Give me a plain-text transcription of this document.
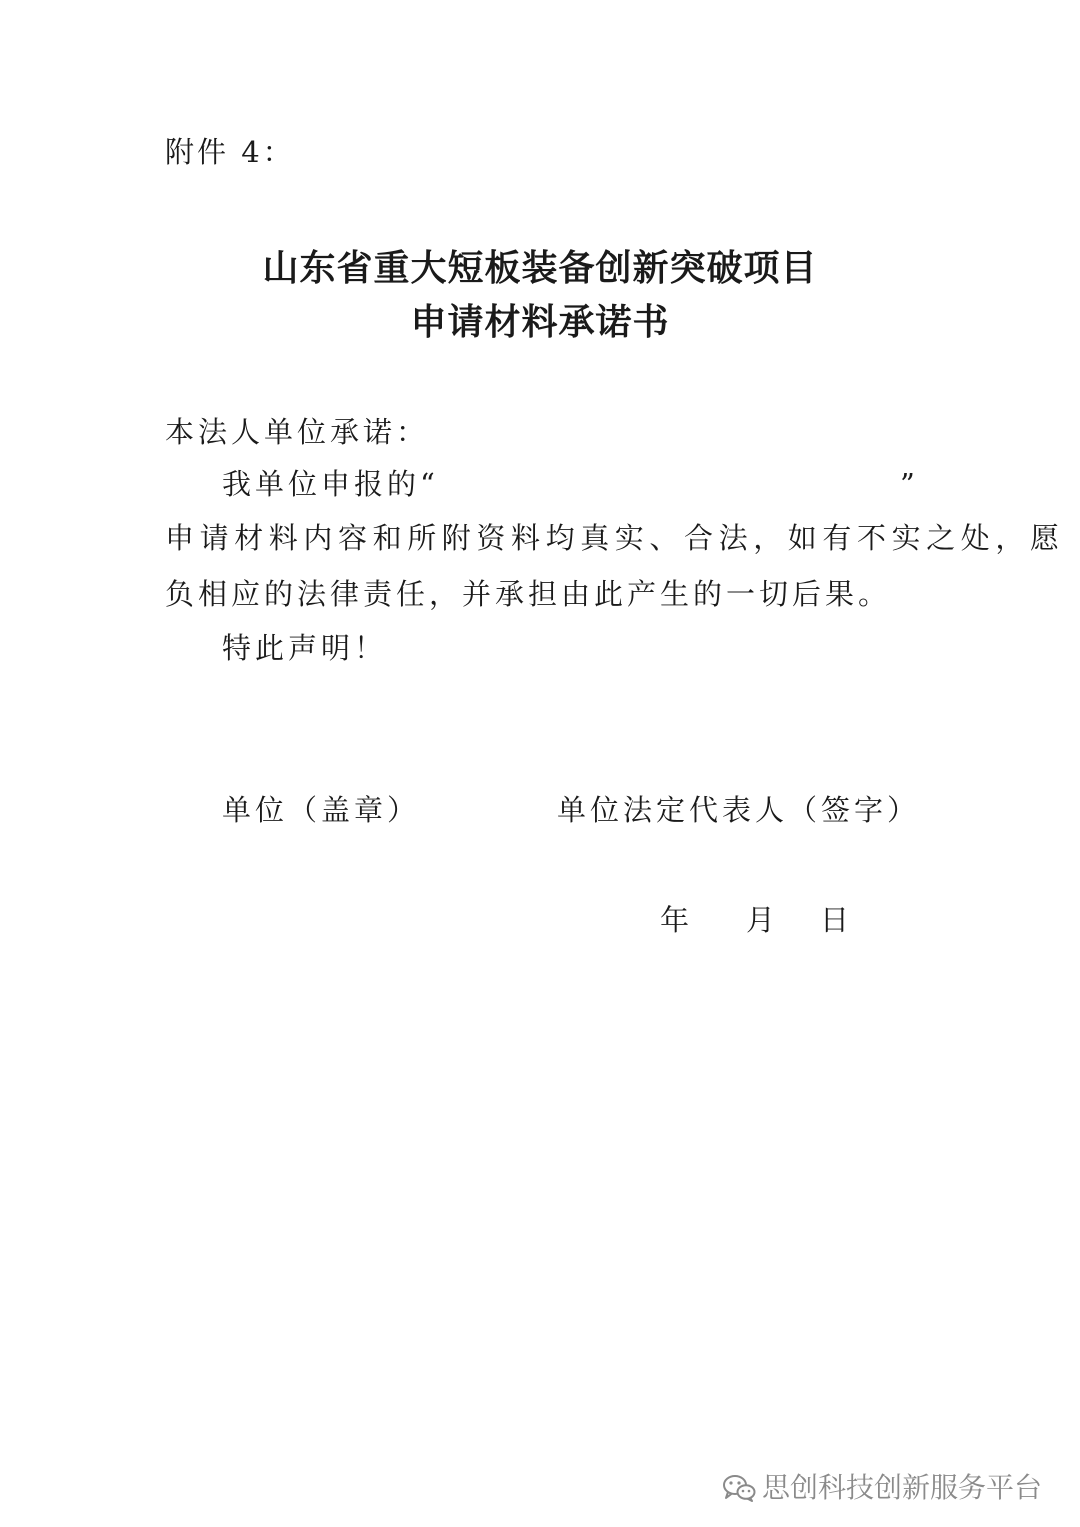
附件 4：
山东省重大短板装备创新突破项目
申请材料承诺书
本法人单位承诺：
我单位申报的“	”
申请材料内容和所附资料均真实、合法，如有不实之处，愿
负相应的法律责任，并承担由此产生的一切后果。
特此声明！
单位（盖章）	单位法定代表人（签字）
年 月 日
思创科技创新服务平台
